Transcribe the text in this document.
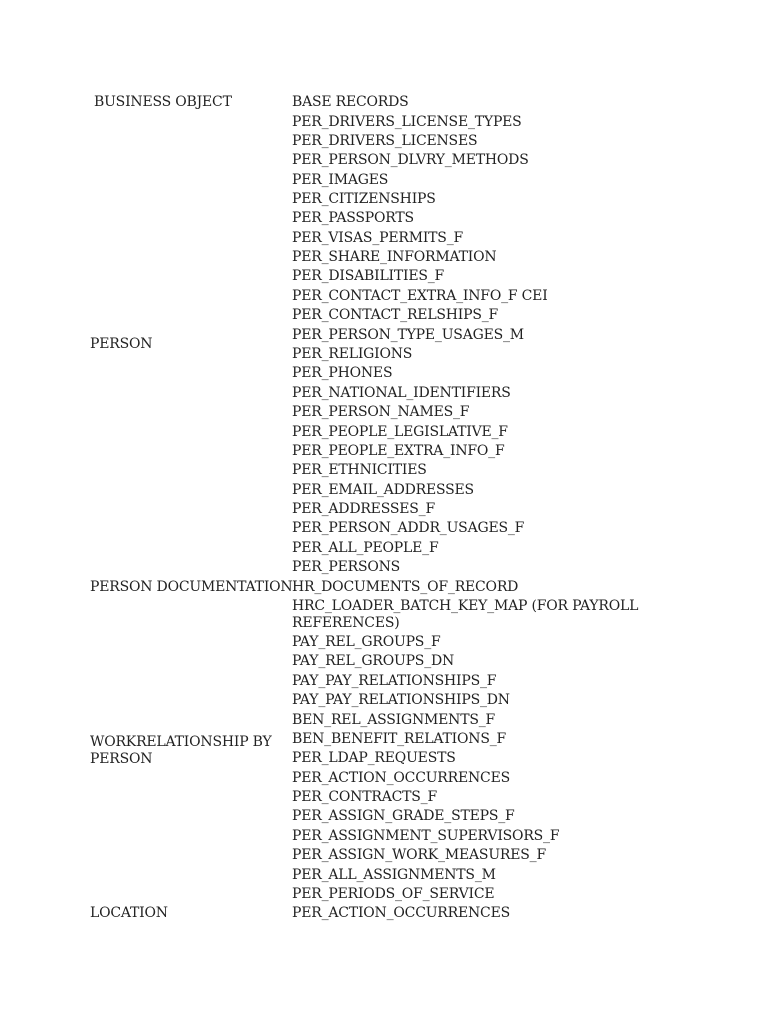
BUSINESS OBJECT	BASE RECORDS
PERSON
PER_DRIVERS_LICENSE_TYPES
PER_DRIVERS_LICENSES
PER_PERSON_DLVRY_METHODS
PER_IMAGES
PER_CITIZENSHIPS
PER_PASSPORTS
PER_VISAS_PERMITS_F
PER_SHARE_INFORMATION
PER_DISABILITIES_F
PER_CONTACT_EXTRA_INFO_F CEI
PER_CONTACT_RELSHIPS_F
PER_PERSON_TYPE_USAGES_M
PER_RELIGIONS
PER_PHONES
PER_NATIONAL_IDENTIFIERS
PER_PERSON_NAMES_F
PER_PEOPLE_LEGISLATIVE_F
PER_PEOPLE_EXTRA_INFO_F
PER_ETHNICITIES
PER_EMAIL_ADDRESSES
PER_ADDRESSES_F
PER_PERSON_ADDR_USAGES_F
PER_ALL_PEOPLE_F
PER_PERSONS
PERSON DOCUMENTATION HR_DOCUMENTS_OF_RECORD
WORKRELATIONSHIP BY
PERSON
HRC_LOADER_BATCH_KEY_MAP (FOR PAYROLL
REFERENCES)
PAY_REL_GROUPS_F
PAY_REL_GROUPS_DN
PAY_PAY_RELATIONSHIPS_F
PAY_PAY_RELATIONSHIPS_DN
BEN_REL_ASSIGNMENTS_F
BEN_BENEFIT_RELATIONS_F
PER_LDAP_REQUESTS
PER_ACTION_OCCURRENCES
PER_CONTRACTS_F
PER_ASSIGN_GRADE_STEPS_F
PER_ASSIGNMENT_SUPERVISORS_F
PER_ASSIGN_WORK_MEASURES_F
PER_ALL_ASSIGNMENTS_M
PER_PERIODS_OF_SERVICE
LOCATION	PER_ACTION_OCCURRENCES
